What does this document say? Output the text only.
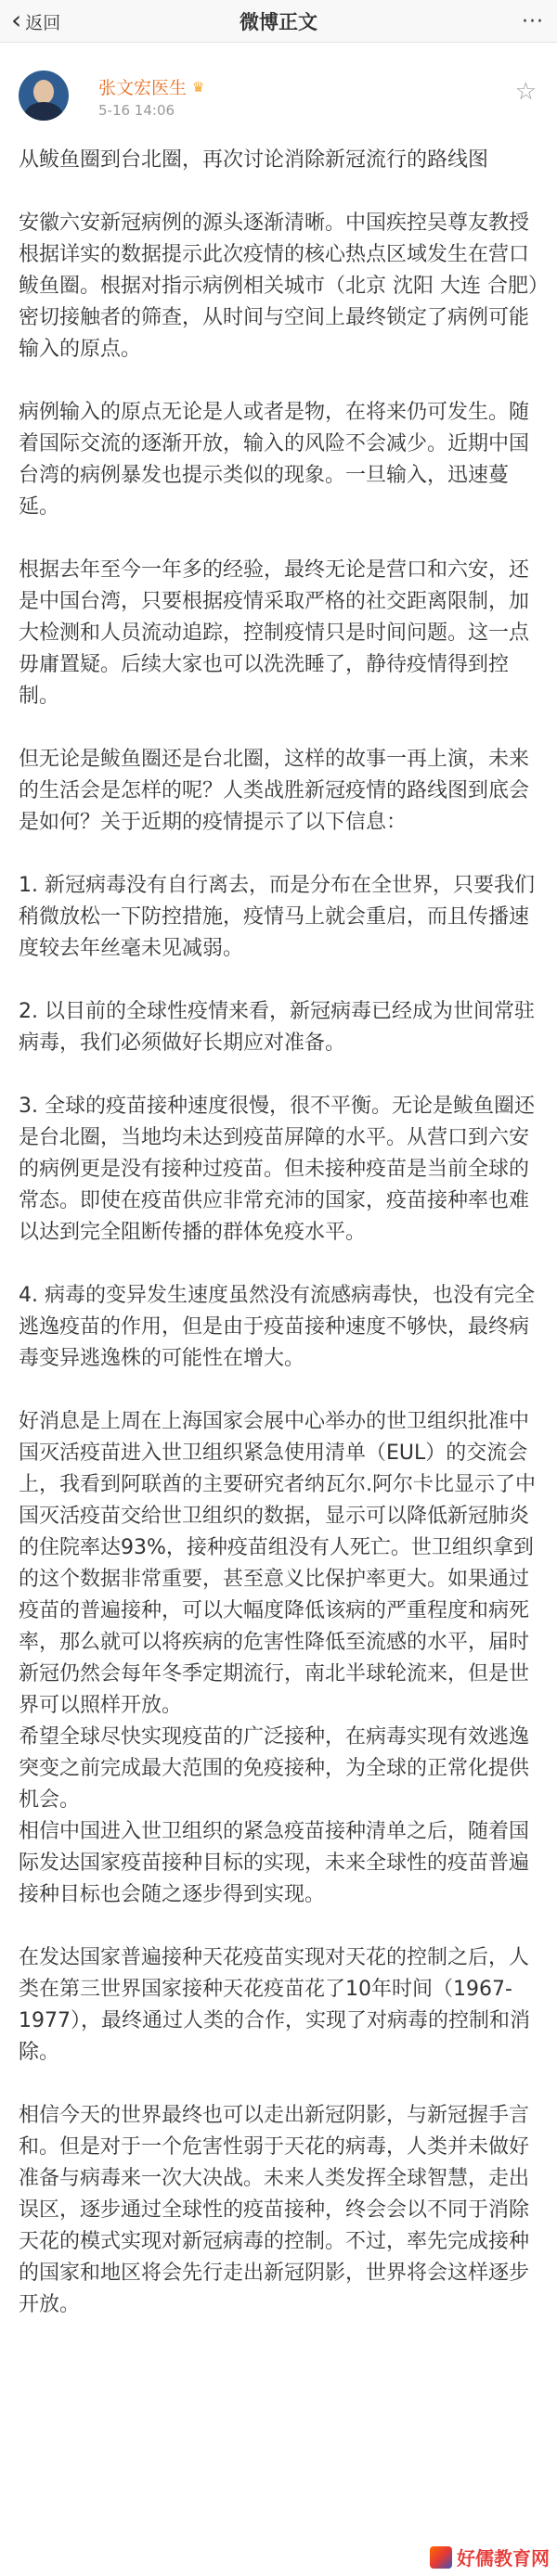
‹ 返回	微博正文	···
张文宏医生 ♛
5-16 14:06
☆

从鲅鱼圈到台北圈，再次讨论消除新冠流行的路线图

安徽六安新冠病例的源头逐渐清晰。中国疾控吴尊友教授根据详实的数据提示此次疫情的核心热点区域发生在营口鲅鱼圈。根据对指示病例相关城市（北京 沈阳 大连 合肥）密切接触者的筛查，从时间与空间上最终锁定了病例可能输入的原点。

病例输入的原点无论是人或者是物，在将来仍可发生。随着国际交流的逐渐开放，输入的风险不会减少。近期中国台湾的病例暴发也提示类似的现象。一旦输入，迅速蔓延。

根据去年至今一年多的经验，最终无论是营口和六安，还是中国台湾，只要根据疫情采取严格的社交距离限制，加大检测和人员流动追踪，控制疫情只是时间问题。这一点毋庸置疑。后续大家也可以洗洗睡了，静待疫情得到控制。

但无论是鲅鱼圈还是台北圈，这样的故事一再上演，未来的生活会是怎样的呢？人类战胜新冠疫情的路线图到底会是如何？关于近期的疫情提示了以下信息：

1. 新冠病毒没有自行离去，而是分布在全世界，只要我们稍微放松一下防控措施，疫情马上就会重启，而且传播速度较去年丝毫未见减弱。

2. 以目前的全球性疫情来看，新冠病毒已经成为世间常驻病毒，我们必须做好长期应对准备。

3. 全球的疫苗接种速度很慢，很不平衡。无论是鲅鱼圈还是台北圈，当地均未达到疫苗屏障的水平。从营口到六安的病例更是没有接种过疫苗。但未接种疫苗是当前全球的常态。即使在疫苗供应非常充沛的国家，疫苗接种率也难以达到完全阻断传播的群体免疫水平。

4. 病毒的变异发生速度虽然没有流感病毒快，也没有完全逃逸疫苗的作用，但是由于疫苗接种速度不够快，最终病毒变异逃逸株的可能性在增大。

好消息是上周在上海国家会展中心举办的世卫组织批准中国灭活疫苗进入世卫组织紧急使用清单（EUL）的交流会上，我看到阿联酋的主要研究者纳瓦尔.阿尔卡比显示了中国灭活疫苗交给世卫组织的数据，显示可以降低新冠肺炎的住院率达93%，接种疫苗组没有人死亡。世卫组织拿到的这个数据非常重要，甚至意义比保护率更大。如果通过疫苗的普遍接种，可以大幅度降低该病的严重程度和病死率，那么就可以将疾病的危害性降低至流感的水平，届时新冠仍然会每年冬季定期流行，南北半球轮流来，但是世界可以照样开放。

希望全球尽快实现疫苗的广泛接种，在病毒实现有效逃逸突变之前完成最大范围的免疫接种，为全球的正常化提供机会。

相信中国进入世卫组织的紧急疫苗接种清单之后，随着国际发达国家疫苗接种目标的实现，未来全球性的疫苗普遍接种目标也会随之逐步得到实现。

在发达国家普遍接种天花疫苗实现对天花的控制之后，人类在第三世界国家接种天花疫苗花了10年时间（1967-1977），最终通过人类的合作，实现了对病毒的控制和消除。

相信今天的世界最终也可以走出新冠阴影，与新冠握手言和。但是对于一个危害性弱于天花的病毒，人类并未做好准备与病毒来一次大决战。未来人类发挥全球智慧，走出误区，逐步通过全球性的疫苗接种，终会会以不同于消除天花的模式实现对新冠病毒的控制。不过，率先完成接种的国家和地区将会先行走出新冠阴影，世界将会这样逐步开放。

好儒教育网
